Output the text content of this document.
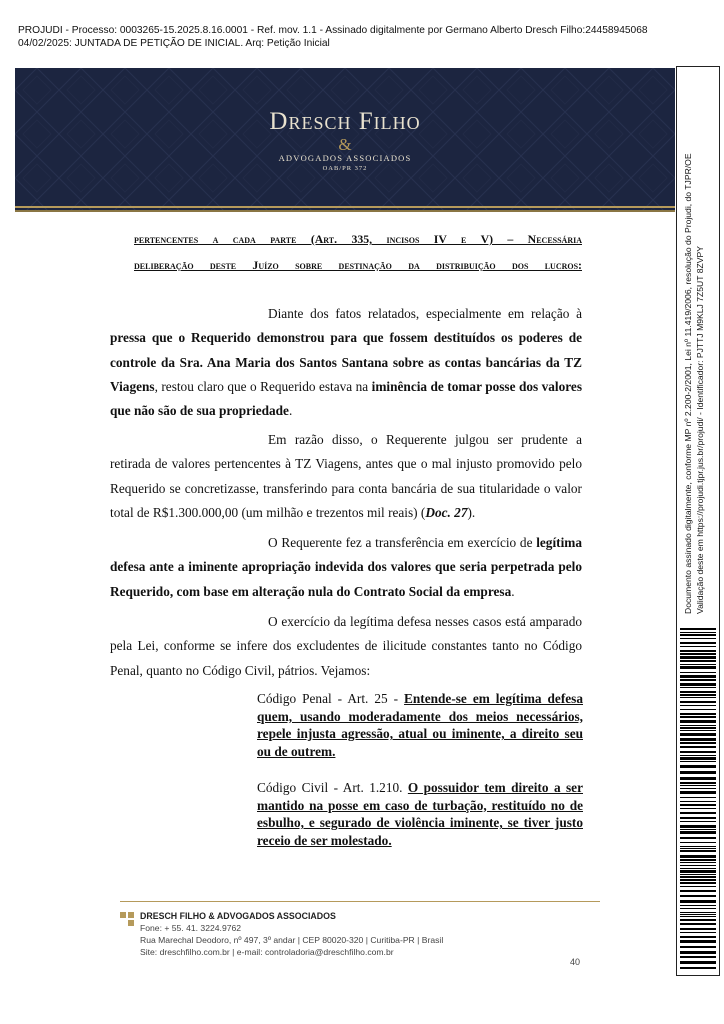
PROJUDI - Processo: 0003265-15.2025.8.16.0001 - Ref. mov. 1.1 - Assinado digitalmente por Germano Alberto Dresch Filho:24458945068
04/02/2025: JUNTADA DE PETIÇÃO DE INICIAL. Arq: Petição Inicial
Dresch Filho
&
ADVOGADOS ASSOCIADOS
OAB/PR 372
pertencentes a cada parte (Art. 335, incisos IV e V) – Necessária
deliberação deste Juízo sobre destinação da distribuição dos lucros:

Diante dos fatos relatados, especialmente em relação à pressa que o Requerido demonstrou para que fossem destituídos os poderes de controle da Sra. Ana Maria dos Santos Santana sobre as contas bancárias da TZ Viagens, restou claro que o Requerido estava na iminência de tomar posse dos valores que não são de sua propriedade.

Em razão disso, o Requerente julgou ser prudente a retirada de valores pertencentes à TZ Viagens, antes que o mal injusto promovido pelo Requerido se concretizasse, transferindo para conta bancária de sua titularidade o valor total de R$1.300.000,00 (um milhão e trezentos mil reais) (Doc. 27).

O Requerente fez a transferência em exercício de legítima defesa ante a iminente apropriação indevida dos valores que seria perpetrada pelo Requerido, com base em alteração nula do Contrato Social da empresa.

O exercício da legítima defesa nesses casos está amparado pela Lei, conforme se infere dos excludentes de ilicitude constantes tanto no Código Penal, quanto no Código Civil, pátrios. Vejamos:

Código Penal - Art. 25 - Entende-se em legítima defesa quem, usando moderadamente dos meios necessários, repele injusta agressão, atual ou iminente, a direito seu ou de outrem.

Código Civil - Art. 1.210. O possuidor tem direito a ser mantido na posse em caso de turbação, restituído no de esbulho, e segurado de violência iminente, se tiver justo receio de ser molestado.

DRESCH FILHO & ADVOGADOS ASSOCIADOS
Fone: + 55. 41. 3224.9762
Rua Marechal Deodoro, nº 497, 3º andar | CEP 80020-320 | Curitiba-PR | Brasil
Site: dreschfilho.com.br | e-mail: controladoria@dreschfilho.com.br
40
Documento assinado digitalmente, conforme MP nº 2.200-2/2001, Lei nº 11.419/2006, resolução do Projudi, do TJPR/OE Validação deste em https://projudi.tjpr.jus.br/projudi/ - Identificador: PJTTJ M9KLJ 7Z5UT 8ZVPY
